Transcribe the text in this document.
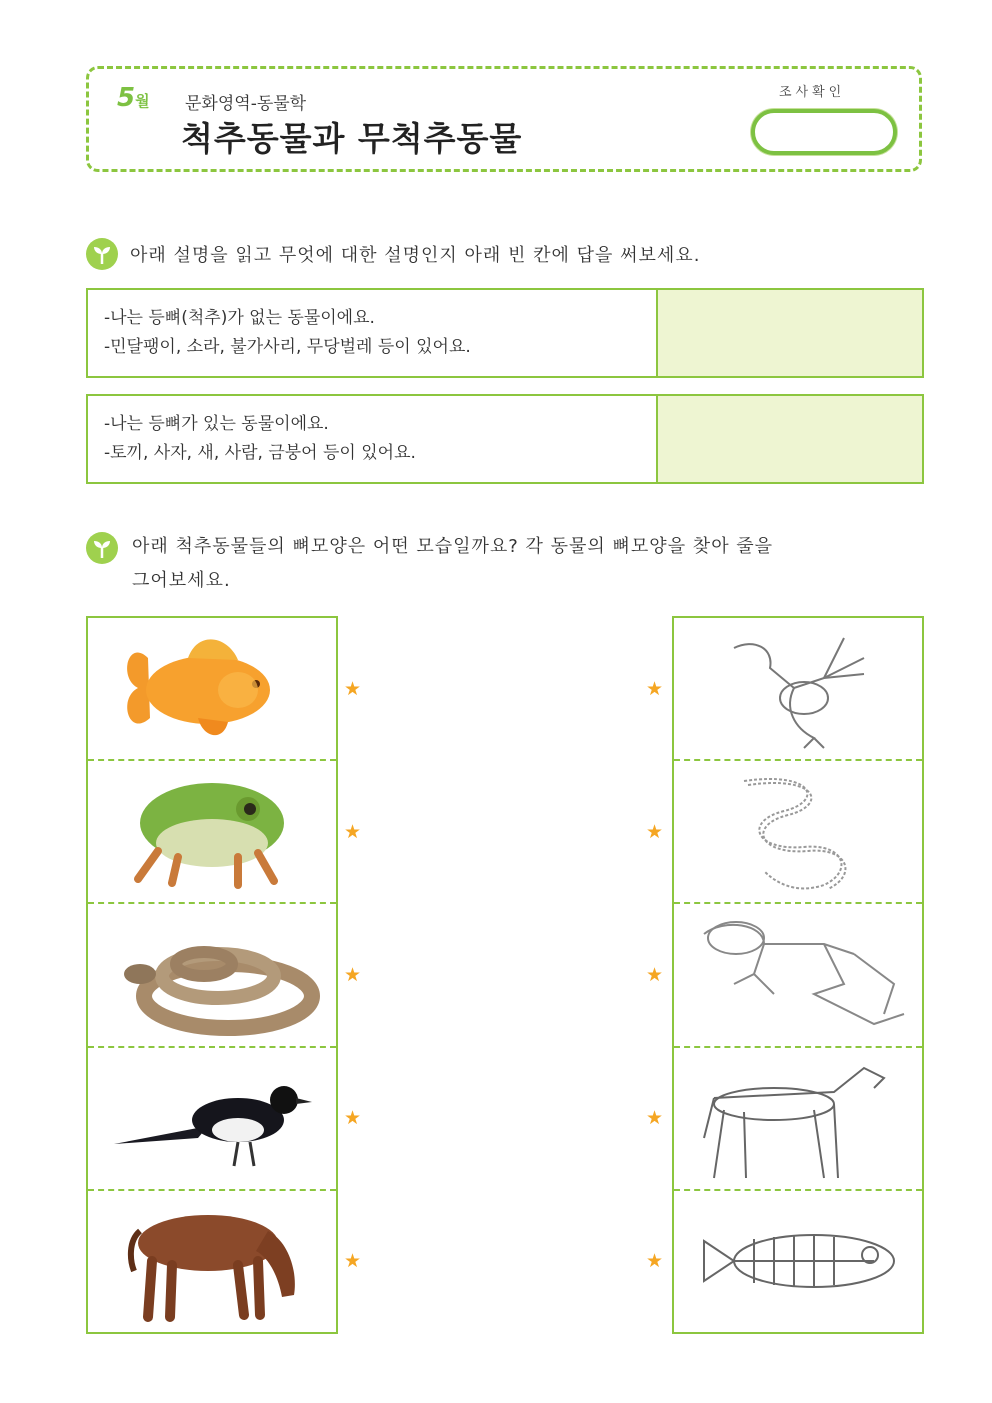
5월 문화영역-동물학
척추동물과 무척추동물
조사확인
아래 설명을 읽고 무엇에 대한 설명인지 아래 빈 칸에 답을 써보세요.
-나는 등뼈(척추)가 없는 동물이에요.
-민달팽이, 소라, 불가사리, 무당벌레 등이 있어요.
-나는 등뼈가 있는 동물이에요.
-토끼, 사자, 새, 사람, 금붕어 등이 있어요.
아래 척추동물들의 뼈모양은 어떤 모습일까요? 각 동물의 뼈모양을 찾아 줄을
그어보세요.
★
★
★
★
★
★
★
★
★
★
